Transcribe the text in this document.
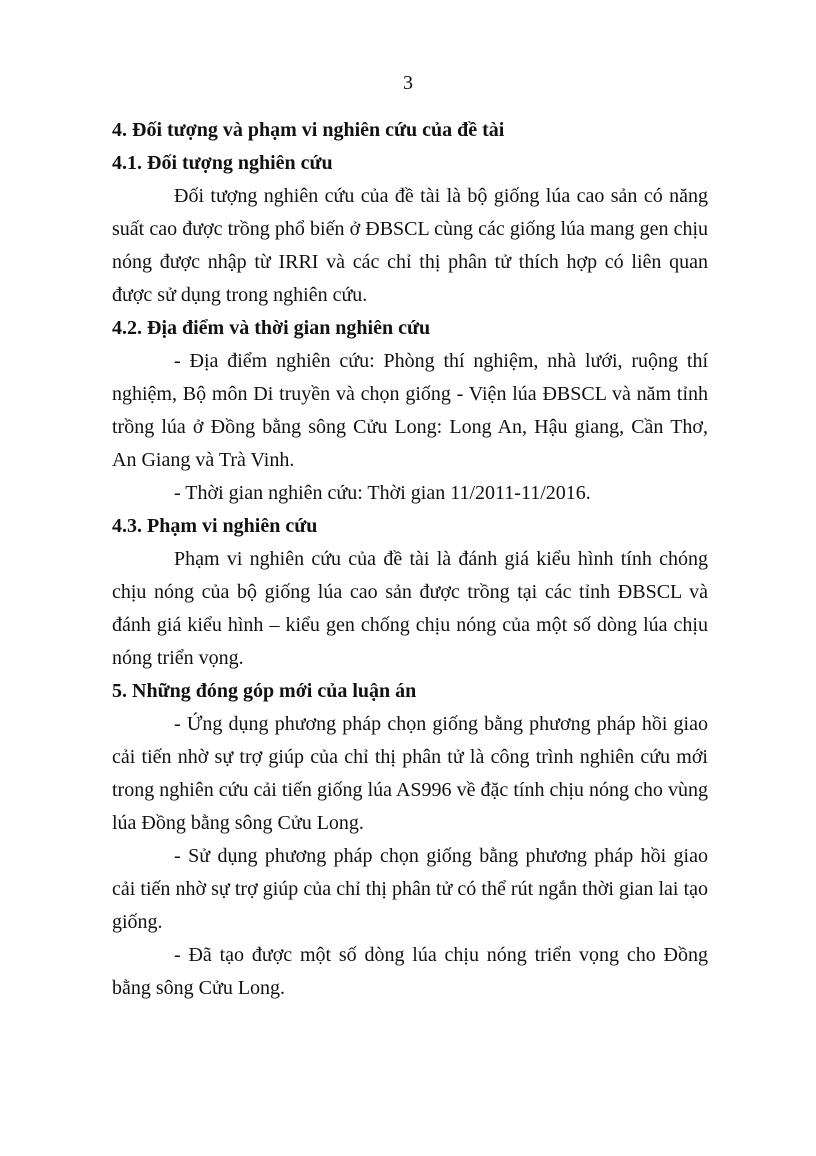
3

4. Đối tượng và phạm vi nghiên cứu của đề tài

4.1. Đối tượng nghiên cứu

Đối tượng nghiên cứu của đề tài là bộ giống lúa cao sản có năng suất cao được trồng phổ biến ở ĐBSCL cùng các giống lúa mang gen chịu nóng được nhập từ IRRI và các chỉ thị phân tử thích hợp có liên quan được sử dụng trong nghiên cứu.

4.2. Địa điểm và thời gian nghiên cứu

- Địa điểm nghiên cứu: Phòng thí nghiệm, nhà lưới, ruộng thí nghiệm, Bộ môn Di truyền và chọn giống - Viện lúa ĐBSCL và năm tỉnh trồng lúa ở Đồng bằng sông Cửu Long: Long An, Hậu giang, Cần Thơ, An Giang và Trà Vinh.

- Thời gian nghiên cứu: Thời gian 11/2011-11/2016.

4.3. Phạm vi nghiên cứu

Phạm vi nghiên cứu của đề tài là đánh giá kiểu hình tính chóng chịu nóng của bộ giống lúa cao sản được trồng tại các tỉnh ĐBSCL và đánh giá kiểu hình – kiểu gen chống chịu nóng của một số dòng lúa chịu nóng triển vọng.

5. Những đóng góp mới của luận án

- Ứng dụng phương pháp chọn giống bằng phương pháp hồi giao cải tiến nhờ sự trợ giúp của chỉ thị phân tử là công trình nghiên cứu mới trong nghiên cứu cải tiến giống lúa AS996 về đặc tính chịu nóng cho vùng lúa Đồng bằng sông Cửu Long.

- Sử dụng phương pháp chọn giống bằng phương pháp hồi giao cải tiến nhờ sự trợ giúp của chỉ thị phân tử có thể rút ngắn thời gian lai tạo giống.

- Đã tạo được một số dòng lúa chịu nóng triển vọng cho Đồng bằng sông Cửu Long.
